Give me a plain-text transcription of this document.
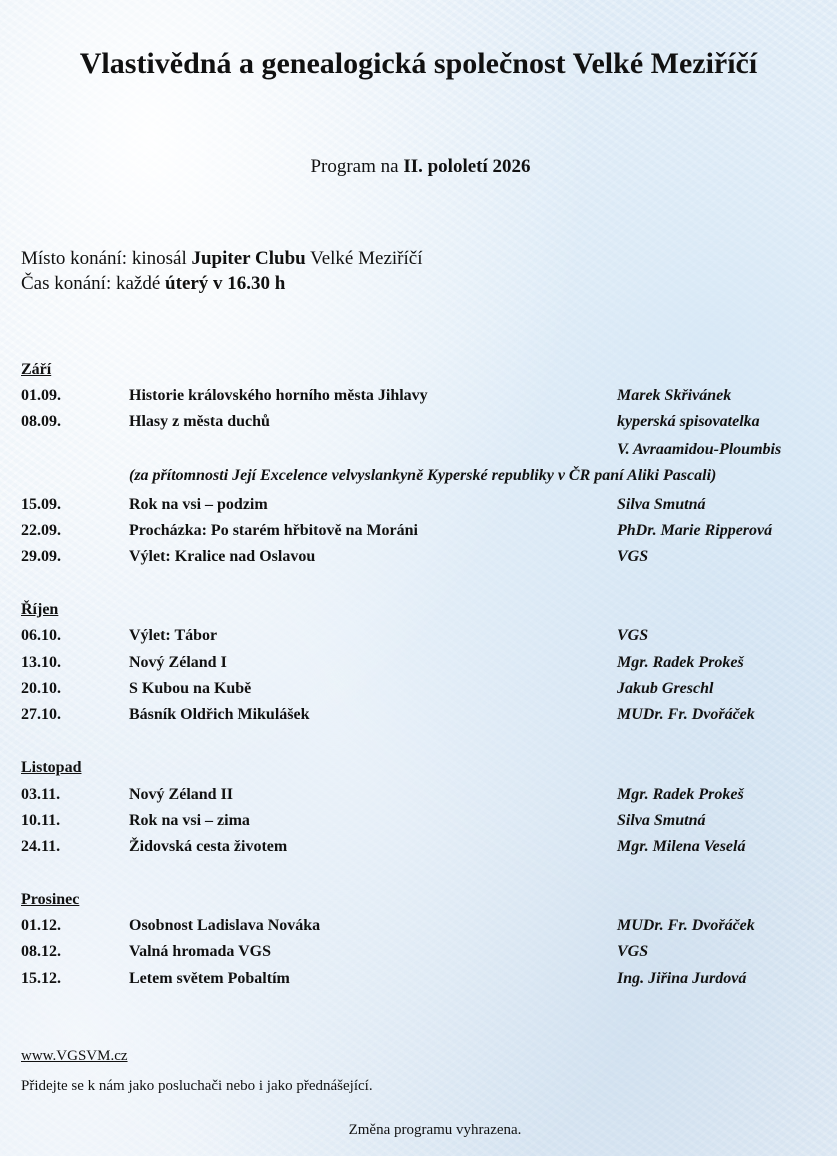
Vlastivědná a genealogická společnost Velké Meziříčí
Program na II. pololetí 2026
Místo konání: kinosál Jupiter Clubu Velké Meziříčí
Čas konání: každé úterý v 16.30 h
Září
01.09.	Historie královského horního města Jihlavy	Marek Skřivánek
08.09.	Hlasy z města duchů	kyperská spisovatelka
V. Avraamidou-Ploumbis
(za přítomnosti Její Excelence velvyslankyně Kyperské republiky v ČR paní Aliki Pascali)
15.09.	Rok na vsi – podzim	Silva Smutná
22.09.	Procházka: Po starém hřbitově na Moráni	PhDr. Marie Ripperová
29.09.	Výlet: Kralice nad Oslavou	VGS
Říjen
06.10.	Výlet: Tábor	VGS
13.10.	Nový Zéland I	Mgr. Radek Prokeš
20.10.	S Kubou na Kubě	Jakub Greschl
27.10.	Básník Oldřich Mikulášek	MUDr. Fr. Dvořáček
Listopad
03.11.	Nový Zéland II	Mgr. Radek Prokeš
10.11.	Rok na vsi – zima	Silva Smutná
24.11.	Židovská cesta životem	Mgr. Milena Veselá
Prosinec
01.12.	Osobnost Ladislava Nováka	MUDr. Fr. Dvořáček
08.12.	Valná hromada VGS	VGS
15.12.	Letem světem Pobaltím	Ing. Jiřina Jurdová
www.VGSVM.cz
Přidejte se k nám jako posluchači nebo i jako přednášející.
Změna programu vyhrazena.
